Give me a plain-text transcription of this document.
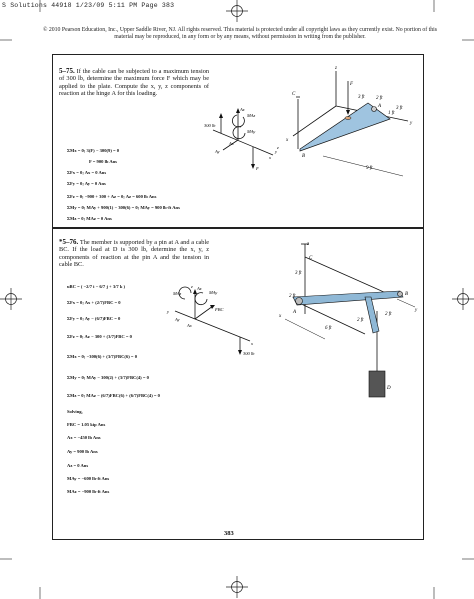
S Solutions 44918 1/23/09 5:11 PM Page 383
© 2010 Pearson Education, Inc., Upper Saddle River, NJ. All rights reserved. This material is protected under all copyright laws as they currently exist. No portion of this material may be reproduced, in any form or by any means, without permission in writing from the publisher.
5–75. If the cable can be subjected to a maximum tension of 300 lb, determine the maximum force F which may be applied to the plate. Compute the x, y, z components of reaction at the hinge A for this loading.
ΣMx = 0; 3(F) − 300(9) = 0
F = 900 lb Ans
ΣFx = 0; Ax = 0 Ans
ΣFy = 0; Ay = 0 Ans
ΣFz = 0; −900 + 300 + Az = 0; Az = 600 lb Ans
ΣMy = 0; MAy + 900(1) − 300(6) = 0; MAy = 900 lb·ft Ans
ΣMz = 0; MAz = 0 Ans
Az
MAz
MAy
Ax
Ay
F
300 lb
x
y
z
z
C
F
A
B
y
x
3 ft 2 ft
1 ft
3 ft
9 ft
*5–76. The member is supported by a pin at A and a cable BC. If the load at D is 300 lb, determine the x, y, z components of reaction at the pin A and the tension in cable BC.
uBC = ( −2/7 i − 6/7 j + 3/7 k )
ΣFx = 0; Ax + (2/7)FBC = 0
ΣFy = 0; Ay − (6/7)FBC = 0
ΣFz = 0; Az − 300 + (3/7)FBC = 0
ΣMx = 0; −300(6) + (3/7)FBC(6) = 0
ΣMy = 0; MAy − 300(2) + (3/7)FBC(4) = 0
ΣMz = 0; MAz − (6/7)FBC(6) + (6/7)FBC(4) = 0
Solving,
FBC = 1.05 kip Ans
Ax = −450 lb Ans
Ay = 900 lb Ans
Az = 0 Ans
MAy = −600 lb·ft Ans
MAz = −900 lb·ft Ans
MAz
Az
MAy
Ay
Ax
FBC
300 lb
x
y
z
z
C
3 ft
2 ft
A
B
x
6 ft
2 ft
2 ft
y
D
383
